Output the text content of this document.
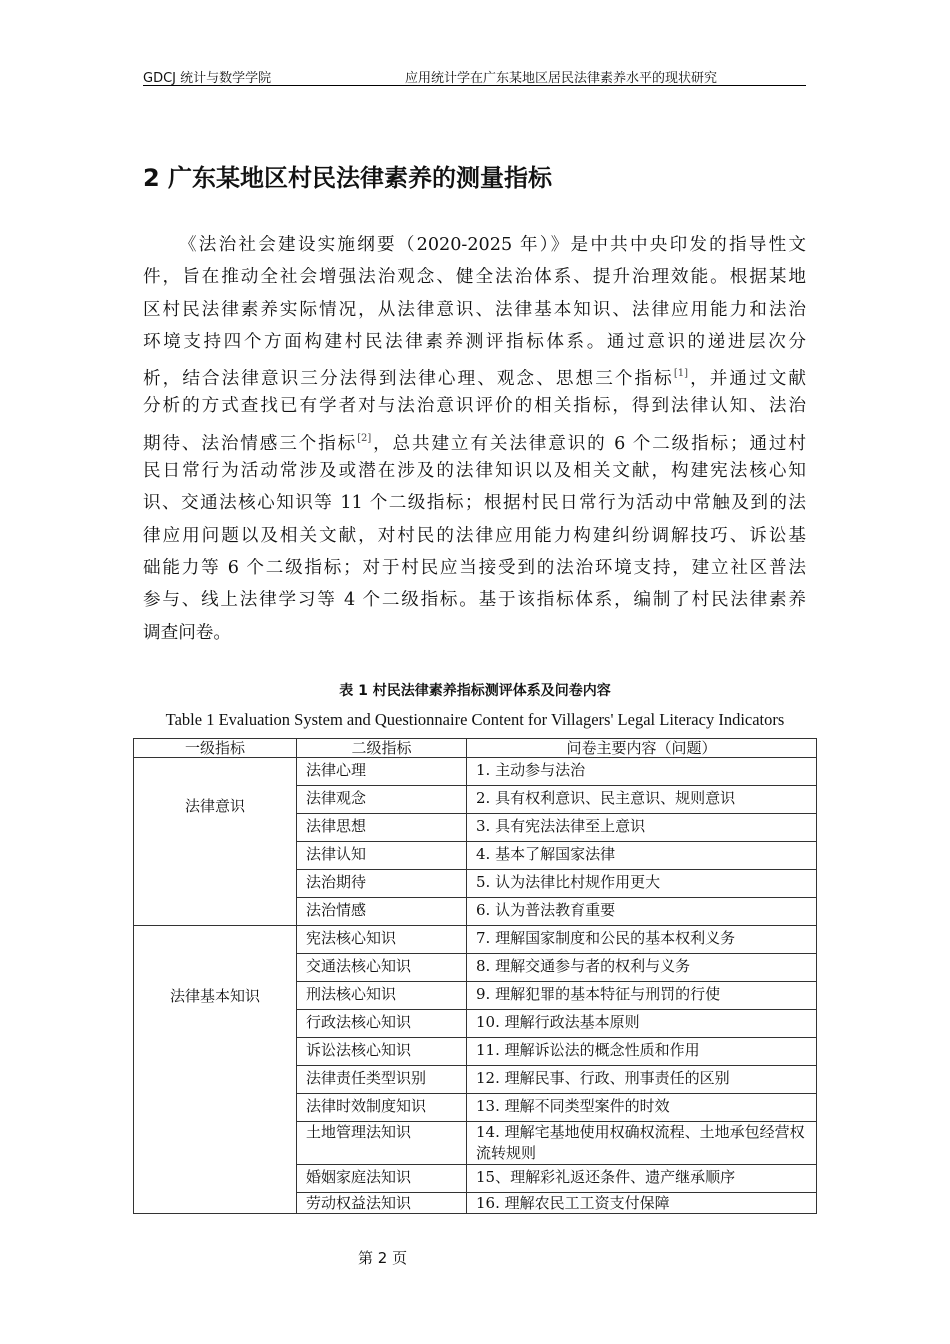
GDCJ 统计与数学学院	应用统计学在广东某地区居民法律素养水平的现状研究
2 广东某地区村民法律素养的测量指标
《法治社会建设实施纲要（2020-2025 年）》是中共中央印发的指导性文
件，旨在推动全社会增强法治观念、健全法治体系、提升治理效能。根据某地
区村民法律素养实际情况，从法律意识、法律基本知识、法律应用能力和法治
环境支持四个方面构建村民法律素养测评指标体系。通过意识的递进层次分
析，结合法律意识三分法得到法律心理、观念、思想三个指标[1]，并通过文献
分析的方式查找已有学者对与法治意识评价的相关指标，得到法律认知、法治
期待、法治情感三个指标[2]，总共建立有关法律意识的 6 个二级指标；通过村
民日常行为活动常涉及或潜在涉及的法律知识以及相关文献，构建宪法核心知
识、交通法核心知识等 11 个二级指标；根据村民日常行为活动中常触及到的法
律应用问题以及相关文献，对村民的法律应用能力构建纠纷调解技巧、诉讼基
础能力等 6 个二级指标；对于村民应当接受到的法治环境支持，建立社区普法
参与、线上法律学习等 4 个二级指标。基于该指标体系，编制了村民法律素养
调查问卷。
表 1 村民法律素养指标测评体系及问卷内容
Table 1 Evaluation System and Questionnaire Content for Villagers' Legal Literacy Indicators
一级指标	二级指标	问卷主要内容（问题）
法律意识	法律心理	1. 主动参与法治
	法律观念	2. 具有权利意识、民主意识、规则意识
	法律思想	3. 具有宪法法律至上意识
	法律认知	4. 基本了解国家法律
	法治期待	5. 认为法律比村规作用更大
	法治情感	6. 认为普法教育重要
法律基本知识	宪法核心知识	7. 理解国家制度和公民的基本权利义务
	交通法核心知识	8. 理解交通参与者的权利与义务
	刑法核心知识	9. 理解犯罪的基本特征与刑罚的行使
	行政法核心知识	10. 理解行政法基本原则
	诉讼法核心知识	11. 理解诉讼法的概念性质和作用
	法律责任类型识别	12. 理解民事、行政、刑事责任的区别
	法律时效制度知识	13. 理解不同类型案件的时效
	土地管理法知识	14. 理解宅基地使用权确权流程、土地承包经营权流转规则
	婚姻家庭法知识	15、理解彩礼返还条件、遗产继承顺序
	劳动权益法知识	16. 理解农民工工资支付保障
第 2 页
